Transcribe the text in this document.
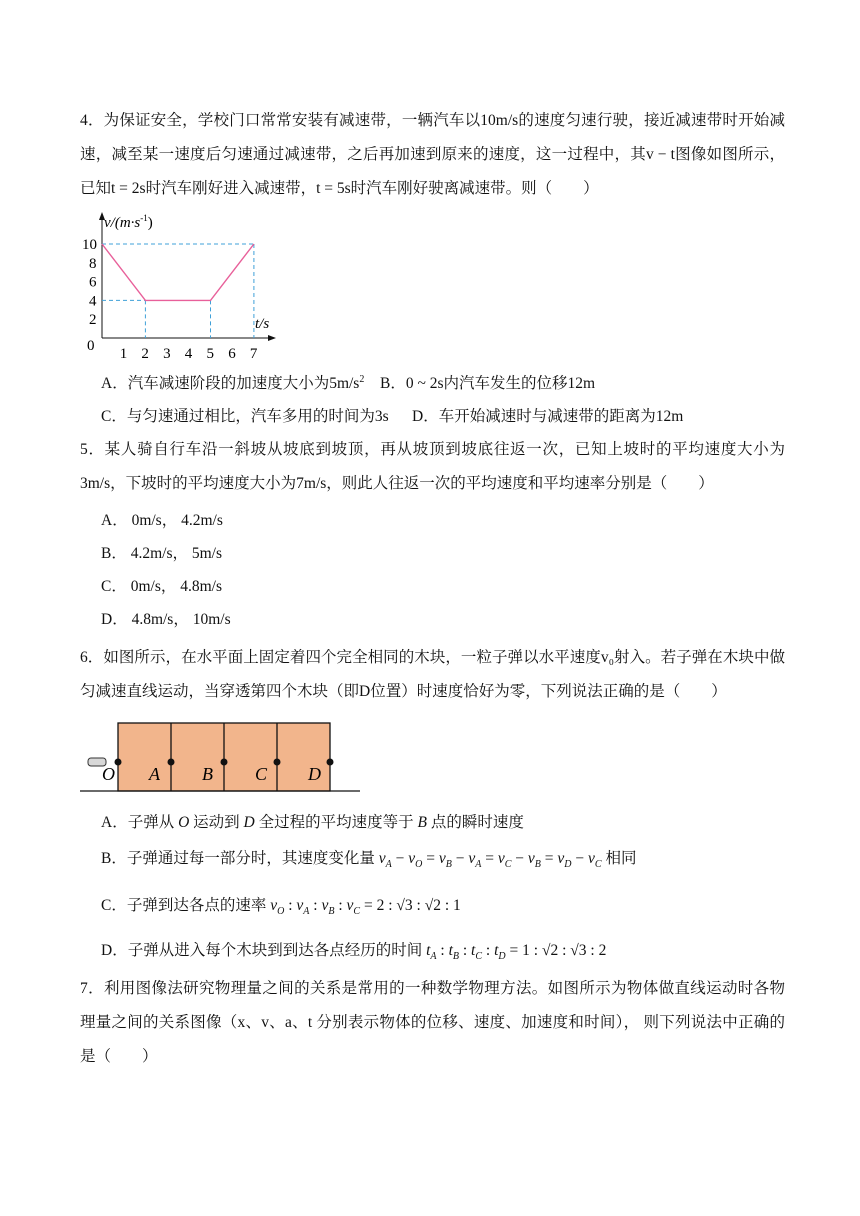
4．为保证安全，学校门口常常安装有减速带，一辆汽车以10m/s的速度匀速行驶，接近减速带时开始减速，减至某一速度后匀速通过减速带，之后再加速到原来的速度，这一过程中，其v − t图像如图所示，已知t = 2s时汽车刚好进入减速带，t = 5s时汽车刚好驶离减速带。则（　　）
10
8
6
4
2
1 2 3 4 5 6 7
0
$v/(m\cdot s^{-1})$
t/s
A．汽车减速阶段的加速度大小为$5m/s^2$ B．0 ~ 2s内汽车发生的位移12m
C．与匀速通过相比，汽车多用的时间为3s D．车开始减速时与减速带的距离为12m
5．某人骑自行车沿一斜坡从坡底到坡顶，再从坡顶到坡底往返一次，已知上坡时的平均速度大小为3m/s，下坡时的平均速度大小为7m/s，则此人往返一次的平均速度和平均速率分别是（　　）
A． 0m/s， 4.2m/s
B． 4.2m/s， 5m/s
C． 0m/s， 4.8m/s
D． 4.8m/s， 10m/s
6．如图所示，在水平面上固定着四个完全相同的木块，一粒子弹以水平速度v₀射入。若子弹在木块中做匀减速直线运动，当穿透第四个木块（即D位置）时速度恰好为零，下列说法正确的是（　　）
O A B C D
A．子弹从 O 运动到 D 全过程的平均速度等于 B 点的瞬时速度
B．子弹通过每一部分时，其速度变化量 $v_A - v_O = v_B - v_A = v_C - v_B = v_D - v_C$ 相同
C．子弹到达各点的速率 $v_O$ : $v_A$ : $v_B$ : $v_C = 2$ : √3 : √2 : 1
D．子弹从进入每个木块到到达各点经历的时间 $t_A$ : $t_B$ : $t_C$ : $t_D = 1$ : √2 : √3 : 2
7．利用图像法研究物理量之间的关系是常用的一种数学物理方法。如图所示为物体做直线运动时各物理量之间的关系图像（x、v、a、t 分别表示物体的位移、速度、加速度和时间）， 则下列说法中正确的是（　　）
